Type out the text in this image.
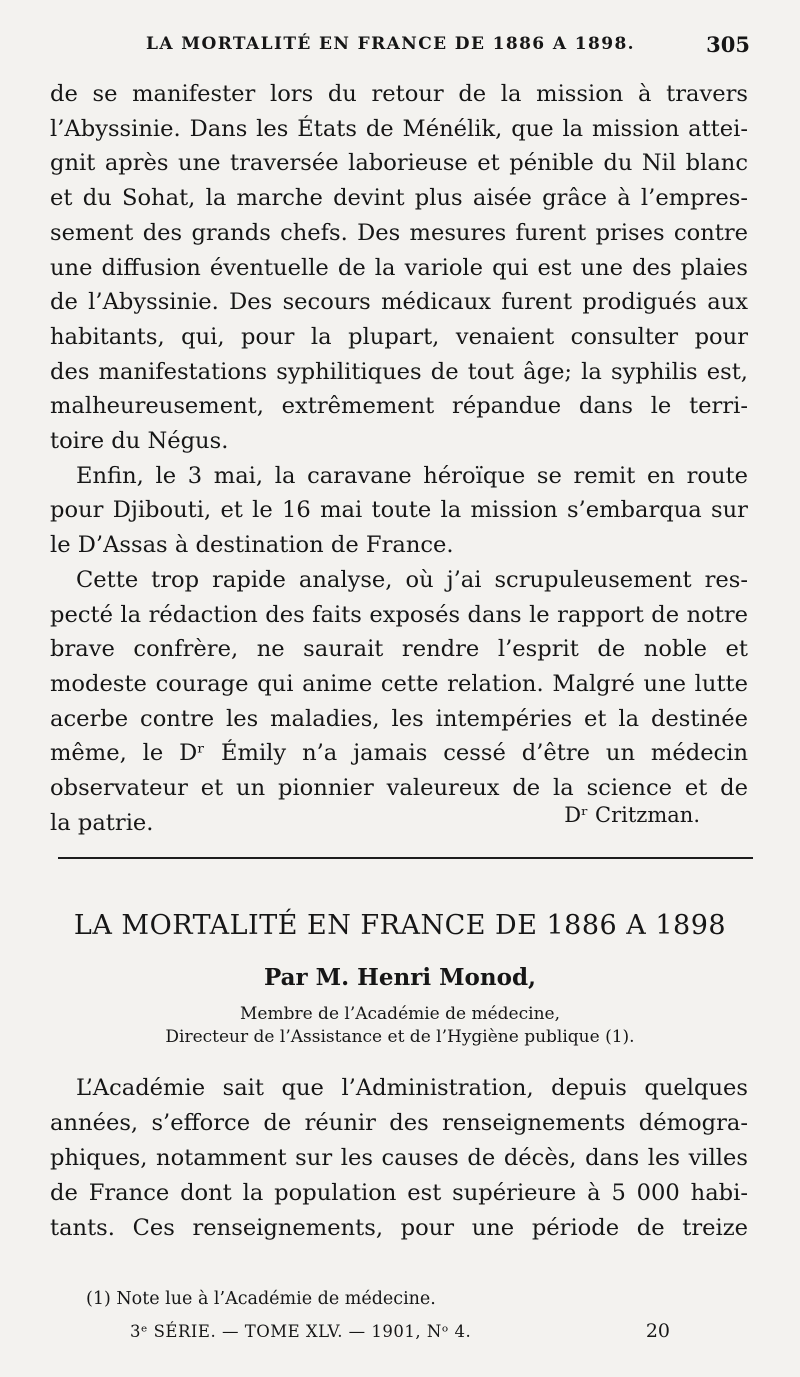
LA MORTALITÉ EN FRANCE DE 1886 A 1898.	305
de se manifester lors du retour de la mission à travers
l’Abyssinie. Dans les États de Ménélik, que la mission attei-
gnit après une traversée laborieuse et pénible du Nil blanc
et du Sohat, la marche devint plus aisée grâce à l’empres-
sement des grands chefs. Des mesures furent prises contre
une diffusion éventuelle de la variole qui est une des plaies
de l’Abyssinie. Des secours médicaux furent prodigués aux
habitants, qui, pour la plupart, venaient consulter pour
des manifestations syphilitiques de tout âge; la syphilis est,
malheureusement, extrêmement répandue dans le terri-
toire du Négus.
Enfin, le 3 mai, la caravane héroïque se remit en route
pour Djibouti, et le 16 mai toute la mission s’embarqua sur
le D’Assas à destination de France.
Cette trop rapide analyse, où j’ai scrupuleusement res-
pecté la rédaction des faits exposés dans le rapport de notre
brave confrère, ne saurait rendre l’esprit de noble et
modeste courage qui anime cette relation. Malgré une lutte
acerbe contre les maladies, les intempéries et la destinée
même, le Dʳ Émily n’a jamais cessé d’être un médecin
observateur et un pionnier valeureux de la science et de
la patrie.	Dʳ Critzman.
LA MORTALITÉ EN FRANCE DE 1886 A 1898
Par M. Henri Monod,
Membre de l’Académie de médecine,
Directeur de l’Assistance et de l’Hygiène publique (1).
L’Académie sait que l’Administration, depuis quelques
années, s’efforce de réunir des renseignements démogra-
phiques, notamment sur les causes de décès, dans les villes
de France dont la population est supérieure à 5 000 habi-
tants. Ces renseignements, pour une période de treize
(1) Note lue à l’Académie de médecine.
3ᵉ SÉRIE. — TOME XLV. — 1901, Nᵒ 4.	20
